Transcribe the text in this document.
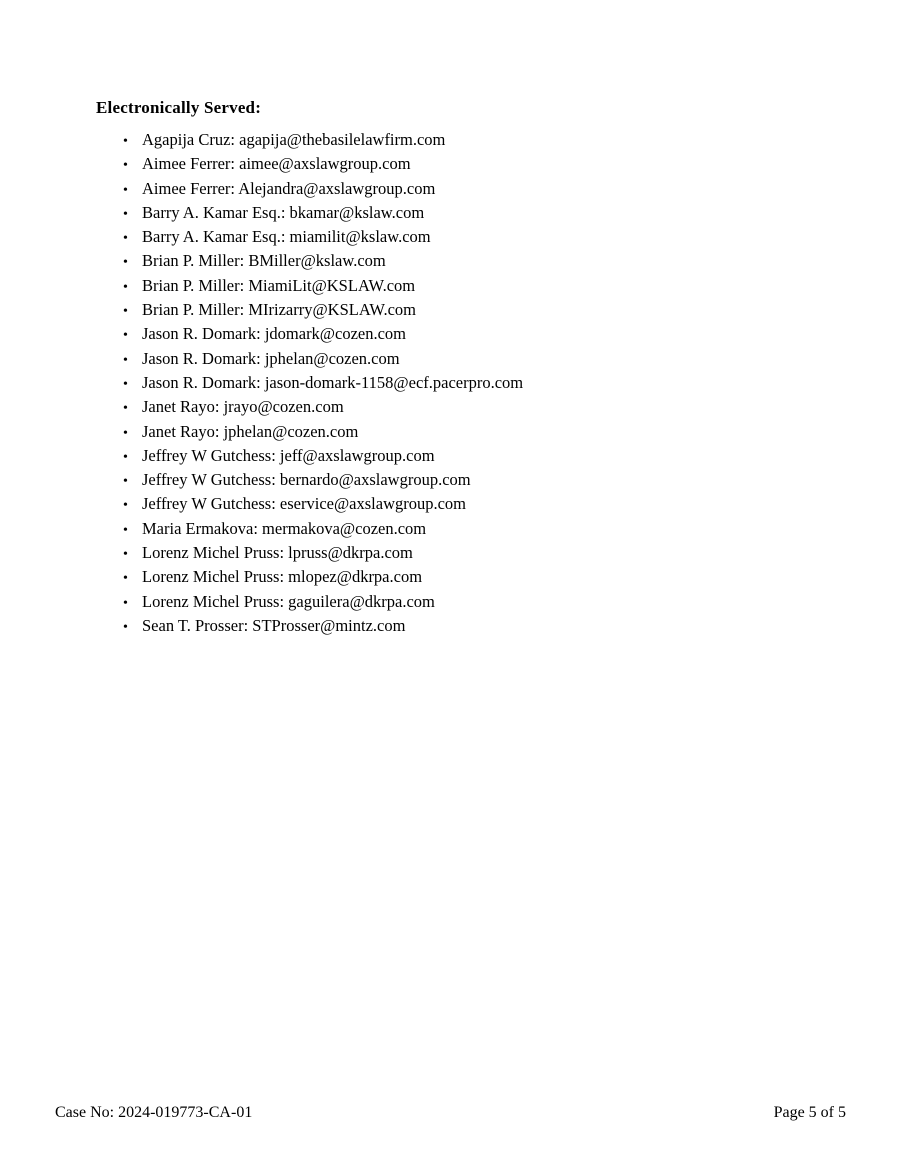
Electronically Served:
• Agapija Cruz: agapija@thebasilelawfirm.com
• Aimee Ferrer: aimee@axslawgroup.com
• Aimee Ferrer: Alejandra@axslawgroup.com
• Barry A. Kamar Esq.: bkamar@kslaw.com
• Barry A. Kamar Esq.: miamilit@kslaw.com
• Brian P. Miller: BMiller@kslaw.com
• Brian P. Miller: MiamiLit@KSLAW.com
• Brian P. Miller: MIrizarry@KSLAW.com
• Jason R. Domark: jdomark@cozen.com
• Jason R. Domark: jphelan@cozen.com
• Jason R. Domark: jason-domark-1158@ecf.pacerpro.com
• Janet Rayo: jrayo@cozen.com
• Janet Rayo: jphelan@cozen.com
• Jeffrey W Gutchess: jeff@axslawgroup.com
• Jeffrey W Gutchess: bernardo@axslawgroup.com
• Jeffrey W Gutchess: eservice@axslawgroup.com
• Maria Ermakova: mermakova@cozen.com
• Lorenz Michel Pruss: lpruss@dkrpa.com
• Lorenz Michel Pruss: mlopez@dkrpa.com
• Lorenz Michel Pruss: gaguilera@dkrpa.com
• Sean T. Prosser: STProsser@mintz.com
Case No: 2024-019773-CA-01	Page 5 of 5
